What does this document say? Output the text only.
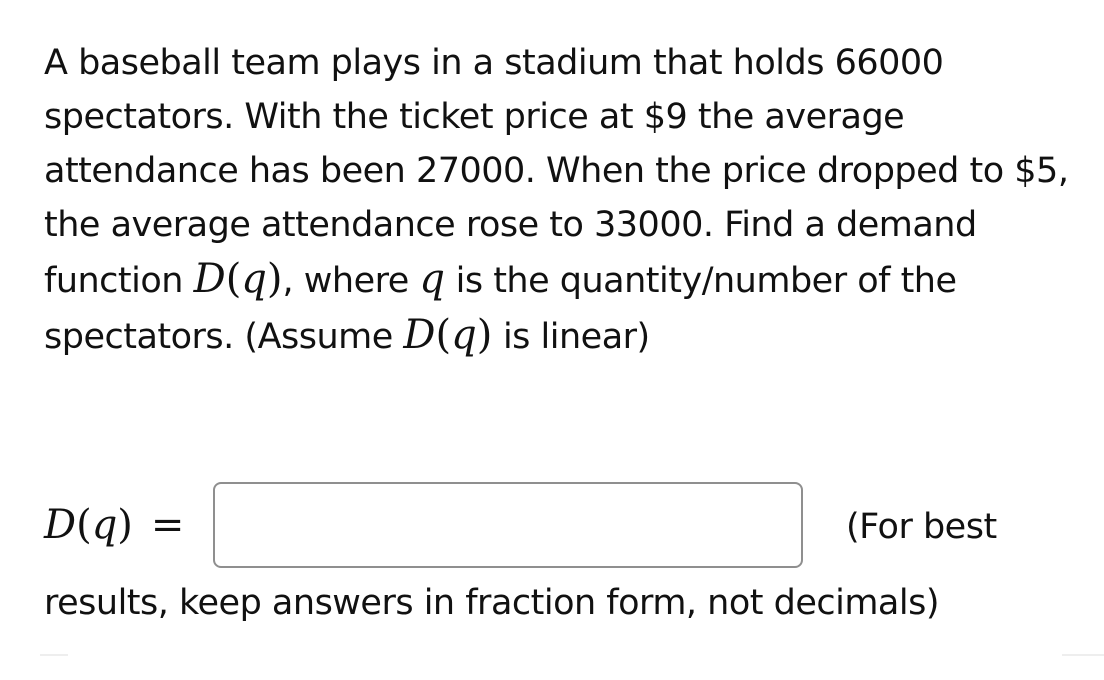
A baseball team plays in a stadium that holds 66000 spectators. With the ticket price at $9 the average attendance has been 27000. When the price dropped to $5, the average attendance rose to 33000. Find a demand function D(q), where q is the quantity/number of the spectators. (Assume D(q) is linear)

D(q) =	(For best
results, keep answers in fraction form, not decimals)
